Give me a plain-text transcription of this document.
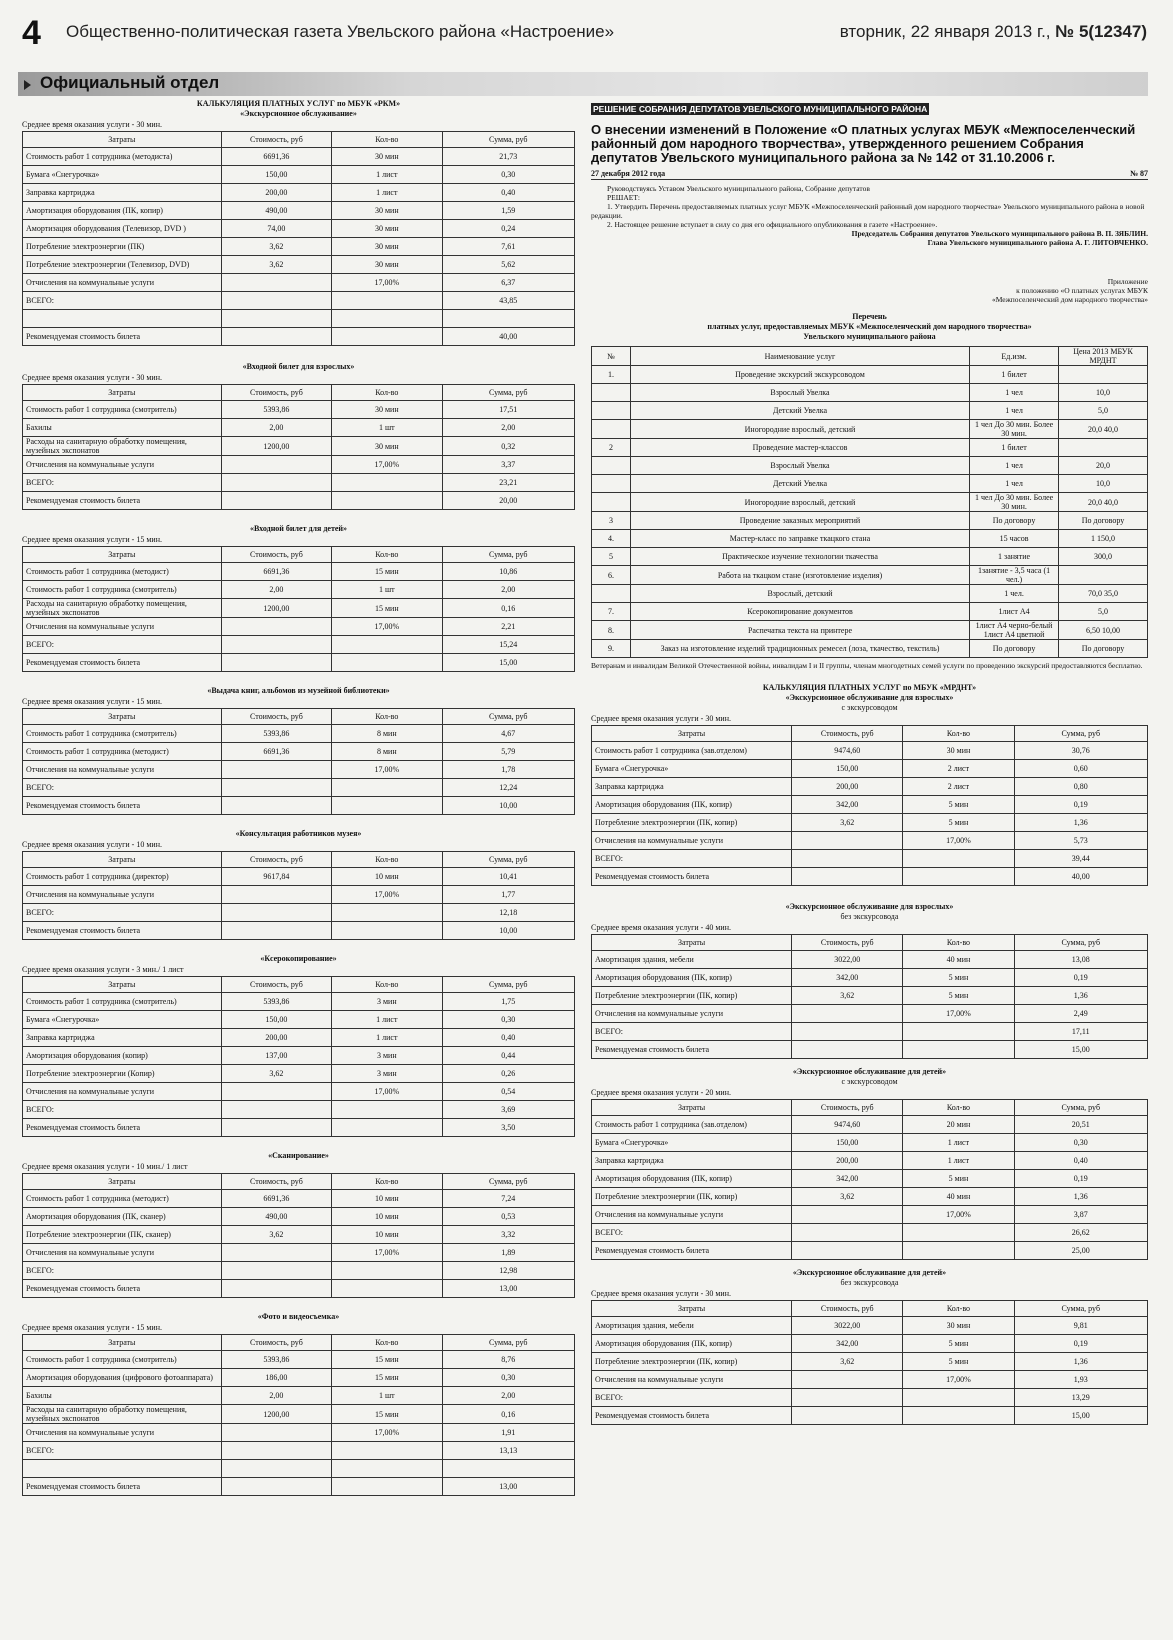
4 Общественно-политическая газета Увельского района «Настроение»	вторник, 22 января 2013 г., № 5(12347)
Официальный отдел

КАЛЬКУЛЯЦИЯ ПЛАТНЫХ УСЛУГ по МБУК «РКМ»

«Экскурсионное обслуживание»

Среднее время оказания услуги - 30 мин.

Затраты	Стоимость, руб	Кол-во	Сумма, руб
Стоимость работ 1 сотрудника (методиста)	6691,36	30 мин	21,73
Бумага «Снегурочка»	150,00	1 лист	0,30
Заправка картриджа	200,00	1 лист	0,40
Амортизация оборудования (ПК, копир)	490,00	30 мин	1,59
Амортизация оборудования (Телевизор, DVD )	74,00	30 мин	0,24
Потребление электроэнергии (ПК)	3,62	30 мин	7,61
Потребление электроэнергии (Телевизор, DVD)	3,62	30 мин	5,62
Отчисления на коммунальные услуги		17,00%	6,37
ВСЕГО:			43,85

Рекомендуемая стоимость билета			40,00

«Входной билет для взрослых»

Среднее время оказания услуги - 30 мин.

Затраты	Стоимость, руб	Кол-во	Сумма, руб
Стоимость работ 1 сотрудника (смотритель)	5393,86	30 мин	17,51
Бахилы	2,00	1 шт	2,00
Расходы на санитарную обработку помещения, музейных экспонатов	1200,00	30 мин	0,32
Отчисления на коммунальные услуги		17,00%	3,37
ВСЕГО:			23,21
Рекомендуемая стоимость билета			20,00

«Входной билет для детей»

Среднее время оказания услуги - 15 мин.

Затраты	Стоимость, руб	Кол-во	Сумма, руб
Стоимость работ 1 сотрудника (методист)	6691,36	15 мин	10,86
Стоимость работ 1 сотрудника (смотритель)	2,00	1 шт	2,00
Расходы на санитарную обработку помещения, музейных экспонатов	1200,00	15 мин	0,16
Отчисления на коммунальные услуги		17,00%	2,21
ВСЕГО:			15,24
Рекомендуемая стоимость билета			15,00

«Выдача книг, альбомов из музейной библиотеки»

Среднее время оказания услуги - 15 мин.

Затраты	Стоимость, руб	Кол-во	Сумма, руб
Стоимость работ 1 сотрудника (смотритель)	5393,86	8 мин	4,67
Стоимость работ 1 сотрудника (методист)	6691,36	8 мин	5,79
Отчисления на коммунальные услуги		17,00%	1,78
ВСЕГО:			12,24
Рекомендуемая стоимость билета			10,00

«Консультация работников музея»

Среднее время оказания услуги - 10 мин.

Затраты	Стоимость, руб	Кол-во	Сумма, руб
Стоимость работ 1 сотрудника (директор)	9617,84	10 мин	10,41
Отчисления на коммунальные услуги		17,00%	1,77
ВСЕГО:			12,18
Рекомендуемая стоимость билета			10,00

«Ксерокопирование»

Среднее время оказания услуги - 3 мин./ 1 лист

Затраты	Стоимость, руб	Кол-во	Сумма, руб
Стоимость работ 1 сотрудника (смотритель)	5393,86	3 мин	1,75
Бумага «Снегурочка»	150,00	1 лист	0,30
Заправка картриджа	200,00	1 лист	0,40
Амортизация оборудования (копир)	137,00	3 мин	0,44
Потребление электроэнергии (Копир)	3,62	3 мин	0,26
Отчисления на коммунальные услуги		17,00%	0,54
ВСЕГО:			3,69
Рекомендуемая стоимость билета			3,50

«Сканирование»

Среднее время оказания услуги - 10 мин./ 1 лист

Затраты	Стоимость, руб	Кол-во	Сумма, руб
Стоимость работ 1 сотрудника (методист)	6691,36	10 мин	7,24
Амортизация оборудования (ПК, сканер)	490,00	10 мин	0,53
Потребление электроэнергии (ПК, сканер)	3,62	10 мин	3,32
Отчисления на коммунальные услуги		17,00%	1,89
ВСЕГО:			12,98
Рекомендуемая стоимость билета			13,00

«Фото и видеосъемка»

Среднее время оказания услуги - 15 мин.

Затраты	Стоимость, руб	Кол-во	Сумма, руб
Стоимость работ 1 сотрудника (смотритель)	5393,86	15 мин	8,76
Амортизация оборудования (цифрового фотоаппарата)	186,00	15 мин	0,30
Бахилы	2,00	1 шт	2,00
Расходы на санитарную обработку помещения, музейных экспонатов	1200,00	15 мин	0,16
Отчисления на коммунальные услуги		17,00%	1,91
ВСЕГО:			13,13

Рекомендуемая стоимость билета			13,00
РЕШЕНИЕ СОБРАНИЯ ДЕПУТАТОВ УВЕЛЬСКОГО МУНИЦИПАЛЬНОГО РАЙОНА
О внесении изменений в Положение «О платных услугах МБУК «Межпоселенческий районный дом народного творчества», утвержденного решением Собрания депутатов Увельского муниципального района за № 142 от 31.10.2006 г.
27 декабря 2012 года	№ 87

Руководствуясь Уставом Увельского муниципального района, Собрание депутатов

РЕШАЕТ:

1. Утвердить Перечень предоставляемых платных услуг МБУК «Межпоселенческий районный дом народного творчества» Увельского муниципального района в новой редакции.

2. Настоящее решение вступает в силу со дня его официального опубликования в газете «Настроение».

Председатель Собрания депутатов Увельского муниципального района В. П. ЗЯБЛИН.

Глава Увельского муниципального района А. Г. ЛИТОВЧЕНКО.

Приложение

к положению «О платных услугах МБУК

«Межпоселенческий дом народного творчества»

Перечень

платных услуг, предоставляемых МБУК «Межпоселенческий дом народного творчества»

Увельского муниципального района

№	Наименование услуг	Ед.изм.	Цена 2013 МБУК МРДНТ
1.	Проведение экскурсий экскурсоводом	1 билет	
	Взрослый Увелка	1 чел	10,0
	Детский Увелка	1 чел	5,0
	Иногородние взрослый, детский	1 чел До 30 мин. Более 30 мин.	20,0 40,0
2	Проведение мастер-классов	1 билет	
	Взрослый Увелка	1 чел	20,0
	Детский Увелка	1 чел	10,0
	Иногородние взрослый, детский	1 чел До 30 мин. Более 30 мин.	20,0 40,0
3	Проведение заказных мероприятий	По договору	По договору
4.	Мастер-класс по заправке ткацкого стана	15 часов	1 150,0
5	Практическое изучение технологии ткачества	1 занятие	300,0
6.	Работа на ткацком стане (изготовление изделия)	1занятие - 3,5 часа (1 чел.)	
	Взрослый, детский	1 чел.	70,0 35,0
7.	Ксерокопирование документов	1лист А4	5,0
8.	Распечатка текста на принтере	1лист А4 черно-белый 1лист А4 цветной	6,50 10,00
9.	Заказ на изготовление изделий традиционных ремесел (лоза, ткачество, текстиль)	По договору	По договору

Ветеранам и инвалидам Великой Отечественной войны, инвалидам I и II группы, членам многодетных семей услуги по проведению экскурсий предоставляются бесплатно.

КАЛЬКУЛЯЦИЯ ПЛАТНЫХ УСЛУГ по МБУК «МРДНТ»

«Экскурсионное обслуживание для взрослых»

с экскурсоводом

Среднее время оказания услуги - 30 мин.

Затраты	Стоимость, руб	Кол-во	Сумма, руб
Стоимость работ 1 сотрудника (зав.отделом)	9474,60	30 мин	30,76
Бумага «Снегурочка»	150,00	2 лист	0,60
Заправка картриджа	200,00	2 лист	0,80
Амортизация оборудования (ПК, копир)	342,00	5 мин	0,19
Потребление электроэнергии (ПК, копир)	3,62	5 мин	1,36
Отчисления на коммунальные услуги		17,00%	5,73
ВСЕГО:			39,44
Рекомендуемая стоимость билета			40,00

«Экскурсионное обслуживание для взрослых»

без экскурсовода

Среднее время оказания услуги - 40 мин.

Затраты	Стоимость, руб	Кол-во	Сумма, руб
Амортизация здания, мебели	3022,00	40 мин	13,08
Амортизация оборудования (ПК, копир)	342,00	5 мин	0,19
Потребление электроэнергии (ПК, копир)	3,62	5 мин	1,36
Отчисления на коммунальные услуги		17,00%	2,49
ВСЕГО:			17,11
Рекомендуемая стоимость билета			15,00

«Экскурсионное обслуживание для детей»

с экскурсоводом

Среднее время оказания услуги - 20 мин.

Затраты	Стоимость, руб	Кол-во	Сумма, руб
Стоимость работ 1 сотрудника (зав.отделом)	9474,60	20 мин	20,51
Бумага «Снегурочка»	150,00	1 лист	0,30
Заправка картриджа	200,00	1 лист	0,40
Амортизация оборудования (ПК, копир)	342,00	5 мин	0,19
Потребление электроэнергии (ПК, копир)	3,62	40 мин	1,36
Отчисления на коммунальные услуги		17,00%	3,87
ВСЕГО:			26,62
Рекомендуемая стоимость билета			25,00

«Экскурсионное обслуживание для детей»

без экскурсовода

Среднее время оказания услуги - 30 мин.

Затраты	Стоимость, руб	Кол-во	Сумма, руб
Амортизация здания, мебели	3022,00	30 мин	9,81
Амортизация оборудования (ПК, копир)	342,00	5 мин	0,19
Потребление электроэнергии (ПК, копир)	3,62	5 мин	1,36
Отчисления на коммунальные услуги		17,00%	1,93
ВСЕГО:			13,29
Рекомендуемая стоимость билета			15,00
